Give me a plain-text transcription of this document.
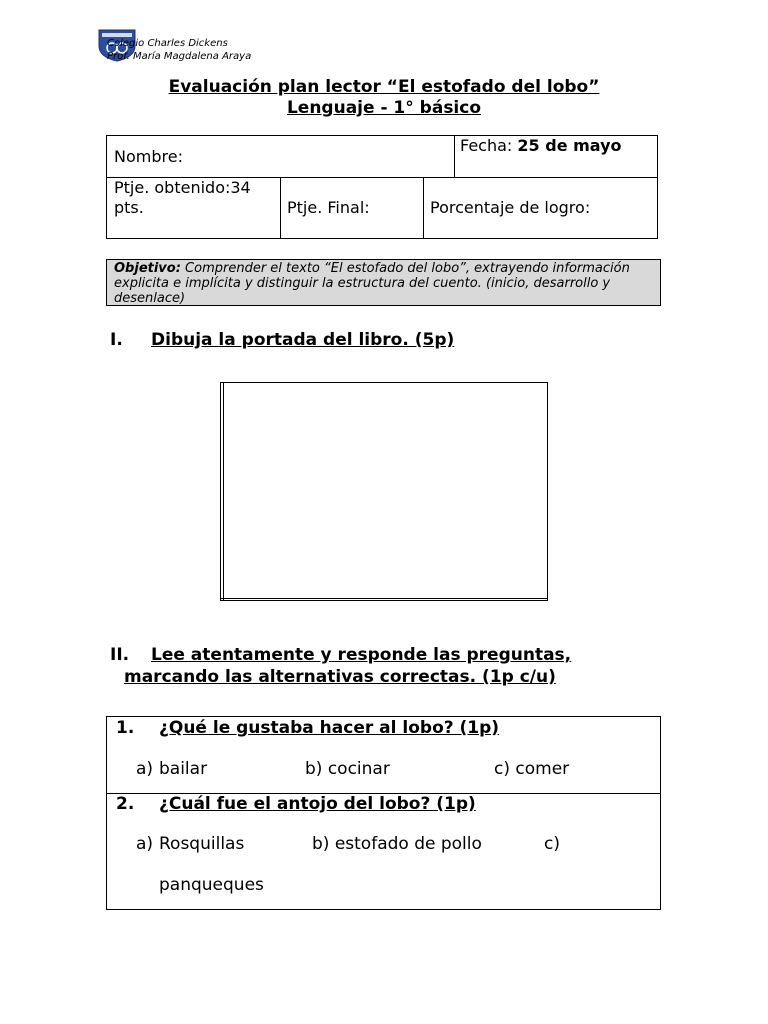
Colegio Charles Dickens
Prof. María Magdalena Araya
Evaluación plan lector “El estofado del lobo”
Lenguaje - 1° básico
Nombre:
Fecha: 25 de mayo
Ptje. obtenido:34 pts.	Ptje. Final:	Porcentaje de logro:
Objetivo: Comprender el texto “El estofado del lobo”, extrayendo información explicita e implícita y distinguir la estructura del cuento. (inicio, desarrollo y desenlace)
I. Dibuja la portada del libro. (5p)
II. Lee atentamente y responde las preguntas,
marcando las alternativas correctas. (1p c/u)
1. ¿Qué le gustaba hacer al lobo? (1p)
a) bailar	b) cocinar	c) comer
2. ¿Cuál fue el antojo del lobo? (1p)
a) Rosquillas	b) estofado de pollo	c)
panqueques
